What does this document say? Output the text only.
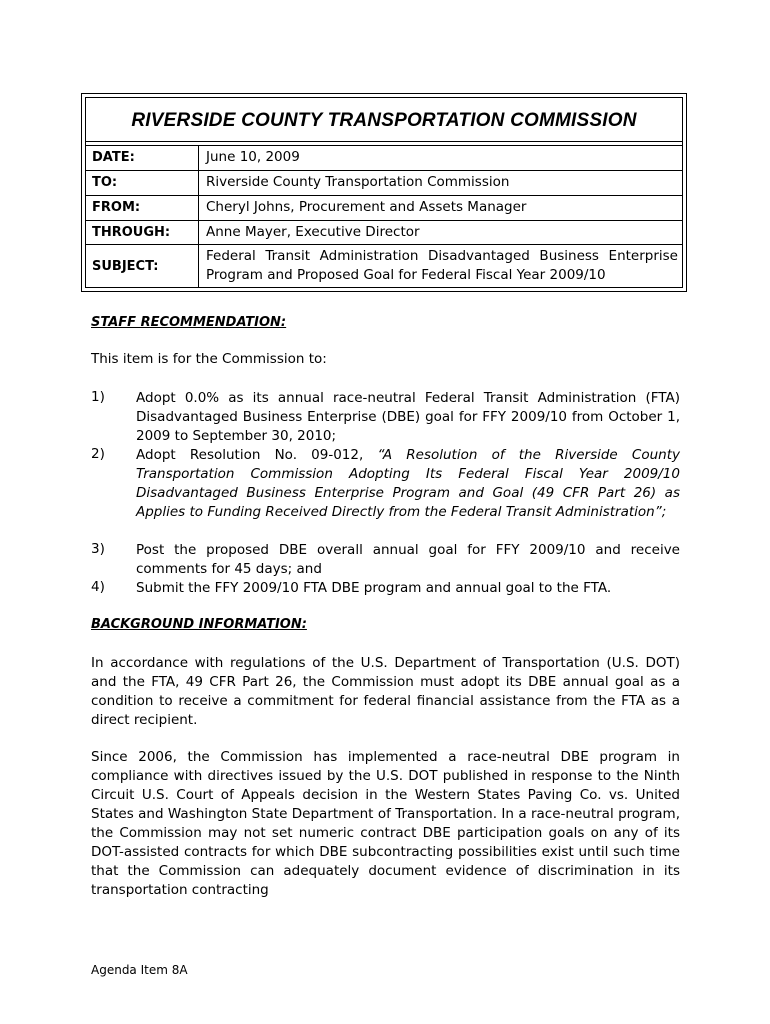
RIVERSIDE COUNTY TRANSPORTATION COMMISSION
DATE:	June 10, 2009
TO:	Riverside County Transportation Commission
FROM:	Cheryl Johns, Procurement and Assets Manager
THROUGH:	Anne Mayer, Executive Director
SUBJECT:
Federal Transit Administration Disadvantaged Business Enterprise Program and Proposed Goal for Federal Fiscal Year 2009/10
STAFF RECOMMENDATION:
This item is for the Commission to:
1) Adopt 0.0% as its annual race-neutral Federal Transit Administration (FTA) Disadvantaged Business Enterprise (DBE) goal for FFY 2009/10 from October 1, 2009 to September 30, 2010;
2) Adopt Resolution No. 09-012, “A Resolution of the Riverside County Transportation Commission Adopting Its Federal Fiscal Year 2009/10 Disadvantaged Business Enterprise Program and Goal (49 CFR Part 26) as Applies to Funding Received Directly from the Federal Transit Administration”;
3) Post the proposed DBE overall annual goal for FFY 2009/10 and receive comments for 45 days; and
4) Submit the FFY 2009/10 FTA DBE program and annual goal to the FTA.
BACKGROUND INFORMATION:
In accordance with regulations of the U.S. Department of Transportation (U.S. DOT) and the FTA, 49 CFR Part 26, the Commission must adopt its DBE annual goal as a condition to receive a commitment for federal financial assistance from the FTA as a direct recipient.
Since 2006, the Commission has implemented a race-neutral DBE program in compliance with directives issued by the U.S. DOT published in response to the Ninth Circuit U.S. Court of Appeals decision in the Western States Paving Co. vs. United States and Washington State Department of Transportation. In a race-neutral program, the Commission may not set numeric contract DBE participation goals on any of its DOT-assisted contracts for which DBE subcontracting possibilities exist until such time that the Commission can adequately document evidence of discrimination in its transportation contracting
Agenda Item 8A
